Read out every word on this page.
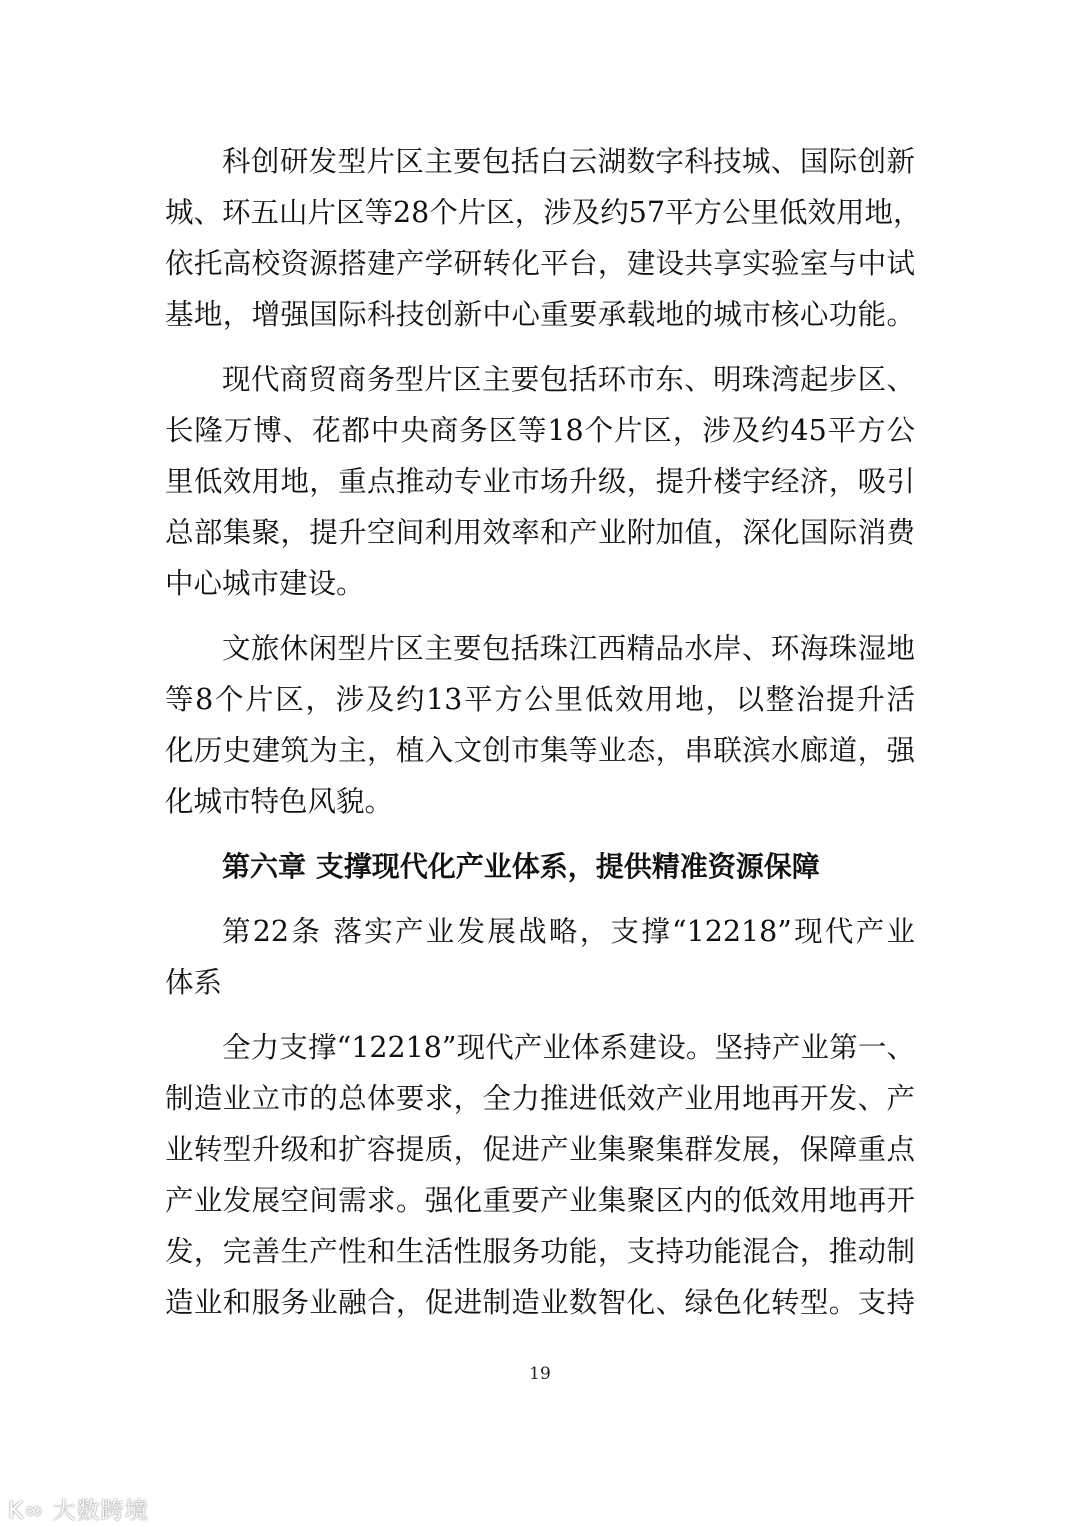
科创研发型片区主要包括白云湖数字科技城、国际创新
城、环五山片区等28个片区，涉及约57平方公里低效用地，
依托高校资源搭建产学研转化平台，建设共享实验室与中试
基地，增强国际科技创新中心重要承载地的城市核心功能。

现代商贸商务型片区主要包括环市东、明珠湾起步区、
长隆万博、花都中央商务区等18个片区，涉及约45平方公
里低效用地，重点推动专业市场升级，提升楼宇经济，吸引
总部集聚，提升空间利用效率和产业附加值，深化国际消费
中心城市建设。

文旅休闲型片区主要包括珠江西精品水岸、环海珠湿地
等8个片区，涉及约13平方公里低效用地，以整治提升活
化历史建筑为主，植入文创市集等业态，串联滨水廊道，强
化城市特色风貌。

第六章 支撑现代化产业体系，提供精准资源保障

第22条 落实产业发展战略，支撑“12218”现代产业
体系

全力支撑“12218”现代产业体系建设。坚持产业第一、
制造业立市的总体要求，全力推进低效产业用地再开发、产
业转型升级和扩容提质，促进产业集聚集群发展，保障重点
产业发展空间需求。强化重要产业集聚区内的低效用地再开
发，完善生产性和生活性服务功能，支持功能混合，推动制
造业和服务业融合，促进制造业数智化、绿色化转型。支持

19
K∞ 大数跨境
